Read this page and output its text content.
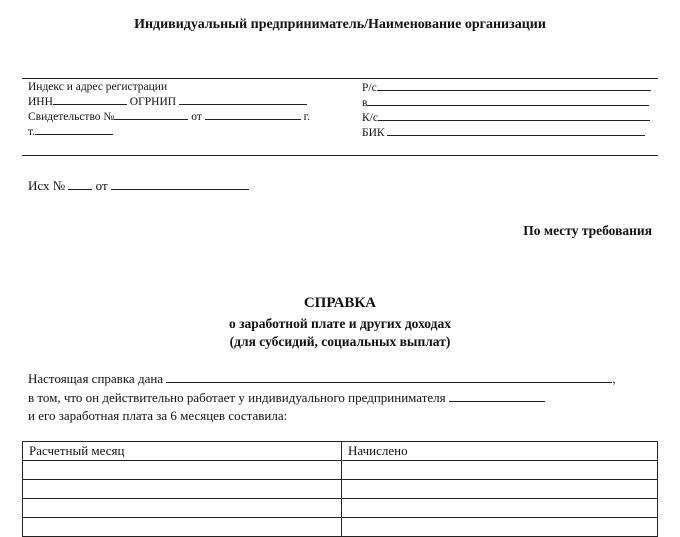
Индивидуальный предприниматель/Наименование организации
Индекс и адрес регистрации
ИНН	ОГРНИП
Свидетельство №	от	г.
т.
Р/с
в
К/с
БИК
Исх № от
По месту требования
СПРАВКА
о заработной плате и других доходах
(для субсидий, социальных выплат)
Настоящая справка дана	,
в том, что он действительно работает у индивидуального предпринимателя
и его заработная плата за 6 месяцев составила:
Расчетный месяц	Начислено
